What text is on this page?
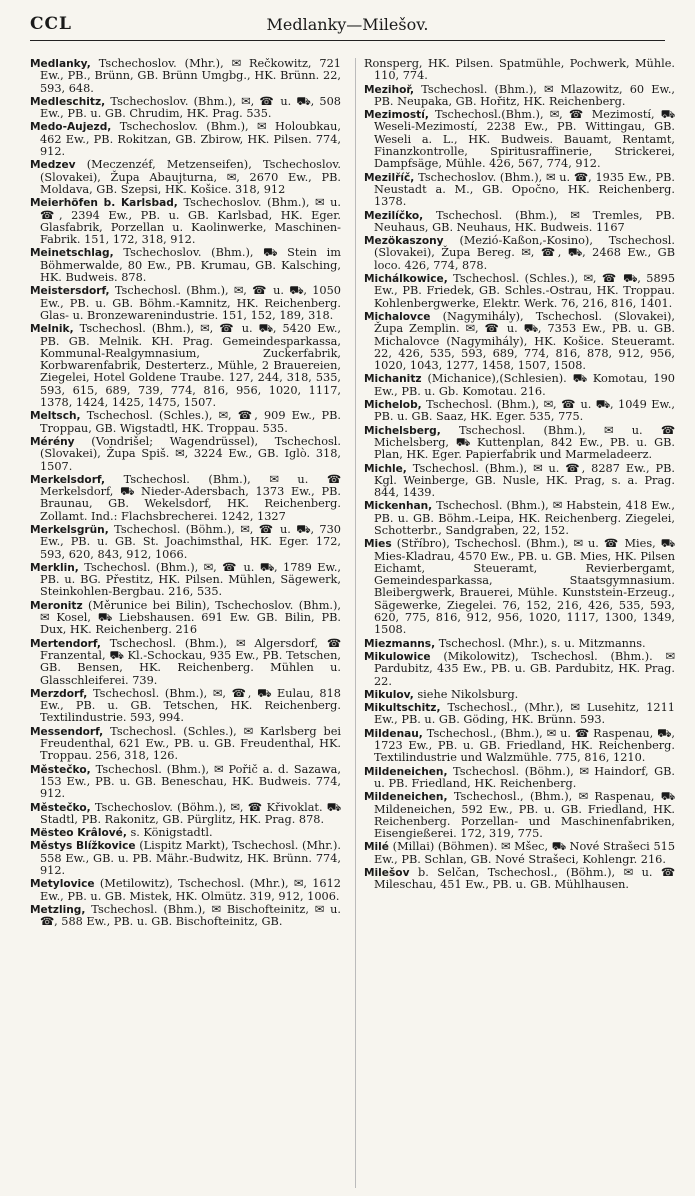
CCL	Medlanky—Milešov.

Medlanky, Tschechoslov. (Mhr.), ✉ Řečkowitz, 721 Ew., PB., Brünn, GB. Brünn Umgbg., HK. Brünn. 22, 593, 648.

Medleschitz, Tschechoslov. (Bhm.), ✉, ☎ u. ⛟, 508 Ew., PB. u. GB. Chrudim, HK. Prag. 535.

Medo-Aujezd, Tschechoslov. (Bhm.), ✉ Holoubkau, 462 Ew., PB. Rokitzan, GB. Zbirow, HK. Pilsen. 774, 912.

Medzev (Meczenzéf, Metzenseifen), Tschechoslov. (Slovakei), Župa Abaujturna, ✉, 2670 Ew., PB. Moldava, GB. Szepsi, HK. Košice. 318, 912

Meierhöfen b. Karlsbad, Tschechoslov. (Bhm.), ✉ u. ☎, 2394 Ew., PB. u. GB. Karlsbad, HK. Eger. Glasfabrik, Porzellan u. Kaolinwerke, Maschinen-Fabrik. 151, 172, 318, 912.

Meinetschlag, Tschechoslov. (Bhm.), ⛟ Stein im Böhmerwalde, 80 Ew., PB. Krumau, GB. Kalsching, HK. Budweis. 878.

Meistersdorf, Tschechosl. (Bhm.), ✉, ☎ u. ⛟, 1050 Ew., PB. u. GB. Böhm.-Kamnitz, HK. Reichenberg. Glas- u. Bronzewarenindustrie. 151, 152, 189, 318.

Melnik, Tschechosl. (Bhm.), ✉, ☎ u. ⛟, 5420 Ew., PB. GB. Melnik. KH. Prag. Gemeindesparkassa, Kommunal-Realgymnasium, Zuckerfabrik, Korbwarenfabrik, Desterterz., Mühle, 2 Brauereien, Ziegelei, Hotel Goldene Traube. 127, 244, 318, 535, 593, 615, 689, 739, 774, 816, 956, 1020, 1117, 1378, 1424, 1425, 1475, 1507.

Meltsch, Tschechosl. (Schles.), ✉, ☎, 909 Ew., PB. Troppau, GB. Wigstadtl, HK. Troppau. 535.

Mérény (Vondrišel; Wagendrüssel), Tschechosl. (Slovakei), Župa Spiš. ✉, 3224 Ew., GB. Iglò. 318, 1507.

Merkelsdorf, Tschechosl. (Bhm.), ✉ u. ☎ Merkelsdorf, ⛟ Nieder-Adersbach, 1373 Ew., PB. Braunau, GB. Wekelsdorf, HK. Reichenberg. Zollamt. Ind.: Flachsbrecherei. 1242, 1327

Merkelsgrün, Tschechosl. (Böhm.), ✉, ☎ u. ⛟, 730 Ew., PB. u. GB. St. Joachimsthal, HK. Eger. 172, 593, 620, 843, 912, 1066.

Merklin, Tschechosl. (Bhm.), ✉, ☎ u. ⛟, 1789 Ew., PB. u. BG. Přestitz, HK. Pilsen. Mühlen, Sägewerk, Steinkohlen-Bergbau. 216, 535.

Meronitz (Měrunice bei Bilin), Tschechoslov. (Bhm.), ✉ Kosel, ⛟ Liebshausen. 691 Ew. GB. Bilin, PB. Dux, HK. Reichenberg. 216

Mertendorf, Tschechosl. (Bhm.), ✉ Algersdorf, ☎ Franzental, ⛟ Kl.-Schockau, 935 Ew., PB. Tetschen, GB. Bensen, HK. Reichenberg. Mühlen u. Glasschleiferei. 739.

Merzdorf, Tschechosl. (Bhm.), ✉, ☎, ⛟ Eulau, 818 Ew., PB. u. GB. Tetschen, HK. Reichenberg. Textilindustrie. 593, 994.

Messendorf, Tschechosl. (Schles.), ✉ Karlsberg bei Freudenthal, 621 Ew., PB. u. GB. Freudenthal, HK. Troppau. 256, 318, 126.

Městečko, Tschechosl. (Bhm.), ✉ Pořič a. d. Sazawa, 153 Ew., PB. u. GB. Beneschau, HK. Budweis. 774, 912.

Městečko, Tschechoslov. (Böhm.), ✉, ☎ Křivoklat. ⛟ Stadtl, PB. Rakonitz, GB. Pürglitz, HK. Prag. 878.

Mësteo Krâlové, s. Königstadtl.

Městys Blížkovice (Lispitz Markt), Tschechosl. (Mhr.). 558 Ew., GB. u. PB. Mähr.-Budwitz, HK. Brünn. 774, 912.

Metylovice (Metilowitz), Tschechosl. (Mhr.), ✉, 1612 Ew., PB. u. GB. Mistek, HK. Olmütz. 319, 912, 1006.

Metzling, Tschechosl. (Bhm.), ✉ Bischofteinitz, ✉ u. ☎, 588 Ew., PB. u. GB. Bischofteinitz, GB.

Ronsperg, HK. Pilsen. Spatmühle, Pochwerk, Mühle. 110, 774.

Mezihoř, Tschechosl. (Bhm.), ✉ Mlazowitz, 60 Ew., PB. Neupaka, GB. Hořitz, HK. Reichenberg.

Mezimostí, Tschechosl.(Bhm.), ✉, ☎ Mezimostí, ⛟ Weseli-Mezimostí, 2238 Ew., PB. Wittingau, GB. Weseli a. L., HK. Budweis. Bauamt, Rentamt, Finanzkontrolle, Spiritusraffinerie, Strickerei, Dampfsäge, Mühle. 426, 567, 774, 912.

Mezilříč, Tschechoslov. (Bhm.), ✉ u. ☎, 1935 Ew., PB. Neustadt a. M., GB. Opočno, HK. Reichenberg. 1378.

Mezilíčko, Tschechosl. (Bhm.), ✉ Tremles, PB. Neuhaus, GB. Neuhaus, HK. Budweis. 1167

Mezökaszony (Mezió-Kaßon,-Kosino), Tschechosl. (Slovakei), Župa Bereg. ✉, ☎, ⛟, 2468 Ew., GB loco. 426, 774, 878.

Michálkowice, Tschechosl. (Schles.), ✉, ☎ ⛟, 5895 Ew., PB. Friedek, GB. Schles.-Ostrau, HK. Troppau. Kohlenbergwerke, Elektr. Werk. 76, 216, 816, 1401.

Michalovce (Nagymihály), Tschechosl. (Slovakei), Župa Zemplin. ✉, ☎ u. ⛟, 7353 Ew., PB. u. GB. Michalovce (Nagymihály), HK. Košice. Steueramt. 22, 426, 535, 593, 689, 774, 816, 878, 912, 956, 1020, 1043, 1277, 1458, 1507, 1508.

Michanitz (Michanice),(Schlesien). ⛟ Komotau, 190 Ew., PB. u. Gb. Komotau. 216.

Michelob, Tschechosl. (Bhm.), ✉, ☎ u. ⛟, 1049 Ew., PB. u. GB. Saaz, HK. Eger. 535, 775.

Michelsberg, Tschechosl. (Bhm.), ✉ u. ☎ Michelsberg, ⛟ Kuttenplan, 842 Ew., PB. u. GB. Plan, HK. Eger. Papierfabrik und Marmeladeerz.

Michle, Tschechosl. (Bhm.), ✉ u. ☎, 8287 Ew., PB. Kgl. Weinberge, GB. Nusle, HK. Prag, s. a. Prag. 844, 1439.

Mickenhan, Tschechosl. (Bhm.), ✉ Habstein, 418 Ew., PB. u. GB. Böhm.-Leipa, HK. Reichenberg. Ziegelei, Schotterbr., Sandgraben, 22, 152.

Mies (Stříbro), Tschechosl. (Bhm.), ✉ u. ☎ Mies, ⛟ Mies-Kladrau, 4570 Ew., PB. u. GB. Mies, HK. Pilsen Eichamt, Steueramt, Revierbergamt, Gemeindesparkassa, Staatsgymnasium. Bleibergwerk, Brauerei, Mühle. Kunststein-Erzeug., Sägewerke, Ziegelei. 76, 152, 216, 426, 535, 593, 620, 775, 816, 912, 956, 1020, 1117, 1300, 1349, 1508.

Miezmanns, Tschechosl. (Mhr.), s. u. Mitzmanns.

Mikulowice (Mikolowitz), Tschechosl. (Bhm.). ✉ Pardubitz, 435 Ew., PB. u. GB. Pardubitz, HK. Prag. 22.

Mikulov, siehe Nikolsburg.

Mikultschitz, Tschechosl., (Mhr.), ✉ Lusehitz, 1211 Ew., PB. u. GB. Göding, HK. Brünn. 593.

Mildenau, Tschechosl., (Bhm.), ✉ u. ☎ Raspenau, ⛟, 1723 Ew., PB. u. GB. Friedland, HK. Reichenberg. Textilindustrie und Walzmühle. 775, 816, 1210.

Mildeneichen, Tschechosl. (Böhm.), ✉ Haindorf, GB. u. PB. Friedland, HK. Reichenberg.

Mildeneichen, Tschechosl., (Bhm.), ✉ Raspenau, ⛟ Mildeneichen, 592 Ew., PB. u. GB. Friedland, HK. Reichenberg. Porzellan- und Maschinenfabriken, Eisengießerei. 172, 319, 775.

Milé (Millai) (Böhmen). ✉ Mšec, ⛟ Nové Strašeci 515 Ew., PB. Schlan, GB. Nové Strašeci, Kohlengr. 216.

Milešov b. Selčan, Tschechosl., (Böhm.), ✉ u. ☎ Mileschau, 451 Ew., PB. u. GB. Mühlhausen.
